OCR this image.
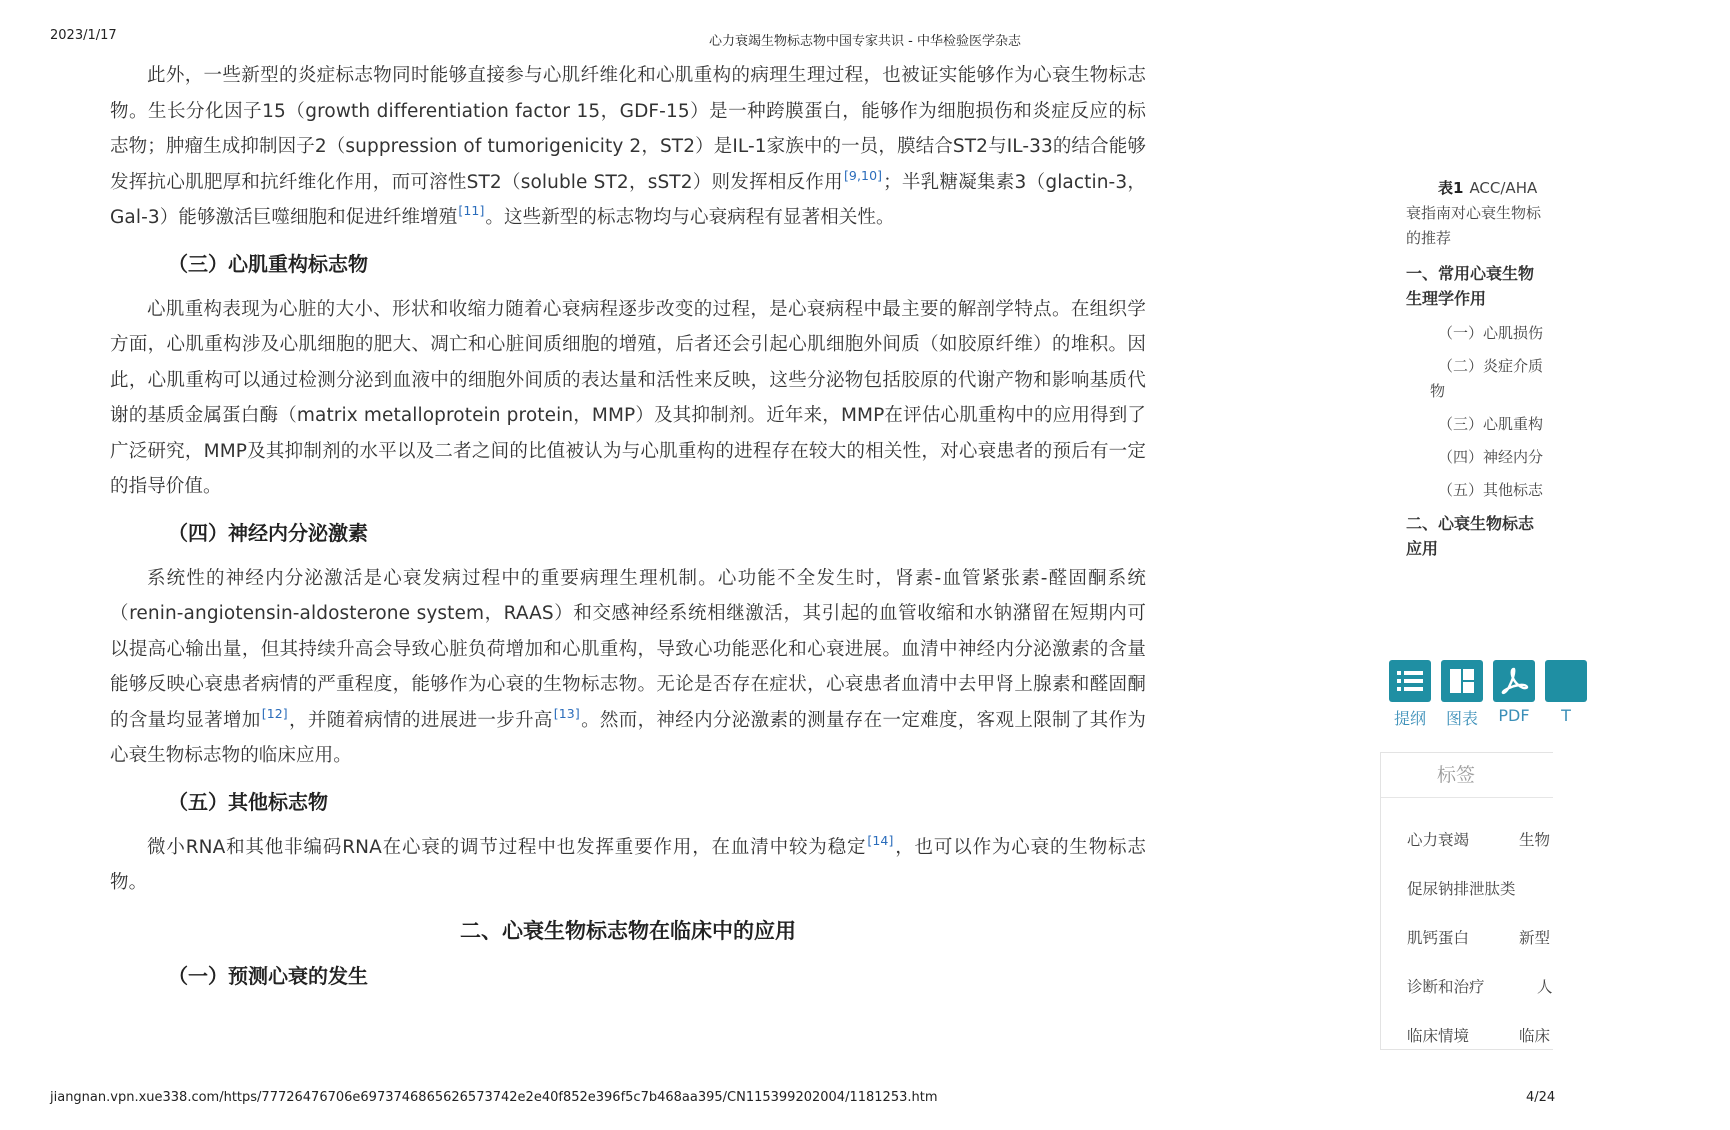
2023/1/17	心力衰竭生物标志物中国专家共识 - 中华检验医学杂志
jiangnan.vpn.xue338.com/https/77726476706e6973746865626573742e2e40f852e396f5c7b468aa395/CN115399202004/1181253.htm	4/24

此外，一些新型的炎症标志物同时能够直接参与心肌纤维化和心肌重构的病理生理过程，也被证实能够作为心衰生物标志物。生长分化因子15（growth differentiation factor 15，GDF-15）是一种跨膜蛋白，能够作为细胞损伤和炎症反应的标志物；肿瘤生成抑制因子2（suppression of tumorigenicity 2，ST2）是IL-1家族中的一员，膜结合ST2与IL-33的结合能够发挥抗心肌肥厚和抗纤维化作用，而可溶性ST2（soluble ST2，sST2）则发挥相反作用[9,10]；半乳糖凝集素3（glactin-3，Gal-3）能够激活巨噬细胞和促进纤维增殖[11]。这些新型的标志物均与心衰病程有显著相关性。

（三）心肌重构标志物

心肌重构表现为心脏的大小、形状和收缩力随着心衰病程逐步改变的过程，是心衰病程中最主要的解剖学特点。在组织学方面，心肌重构涉及心肌细胞的肥大、凋亡和心脏间质细胞的增殖，后者还会引起心肌细胞外间质（如胶原纤维）的堆积。因此，心肌重构可以通过检测分泌到血液中的细胞外间质的表达量和活性来反映，这些分泌物包括胶原的代谢产物和影响基质代谢的基质金属蛋白酶（matrix metalloprotein protein，MMP）及其抑制剂。近年来，MMP在评估心肌重构中的应用得到了广泛研究，MMP及其抑制剂的水平以及二者之间的比值被认为与心肌重构的进程存在较大的相关性，对心衰患者的预后有一定的指导价值。

（四）神经内分泌激素

系统性的神经内分泌激活是心衰发病过程中的重要病理生理机制。心功能不全发生时，肾素-血管紧张素-醛固酮系统（renin-angiotensin-aldosterone system，RAAS）和交感神经系统相继激活，其引起的血管收缩和水钠潴留在短期内可以提高心输出量，但其持续升高会导致心脏负荷增加和心肌重构，导致心功能恶化和心衰进展。血清中神经内分泌激素的含量能够反映心衰患者病情的严重程度，能够作为心衰的生物标志物。无论是否存在症状，心衰患者血清中去甲肾上腺素和醛固酮的含量均显著增加[12]，并随着病情的进展进一步升高[13]。然而，神经内分泌激素的测量存在一定难度，客观上限制了其作为心衰生物标志物的临床应用。

（五）其他标志物

微小RNA和其他非编码RNA在心衰的调节过程中也发挥重要作用，在血清中较为稳定[14]，也可以作为心衰的生物标志物。

二、心衰生物标志物在临床中的应用
（一）预测心衰的发生
表1 ACC/AHA
衰指南对心衰生物标
的推荐
一、常用心衰生物
生理学作用
（一）心肌损伤
（二）炎症介质
物
（三）心肌重构
（四）神经内分
（五）其他标志
二、心衰生物标志
应用
提纲	图表	PDF	T
标签
心力衰竭	生物
促尿钠排泄肽类
肌钙蛋白	新型
诊断和治疗	人
临床情境	临床
